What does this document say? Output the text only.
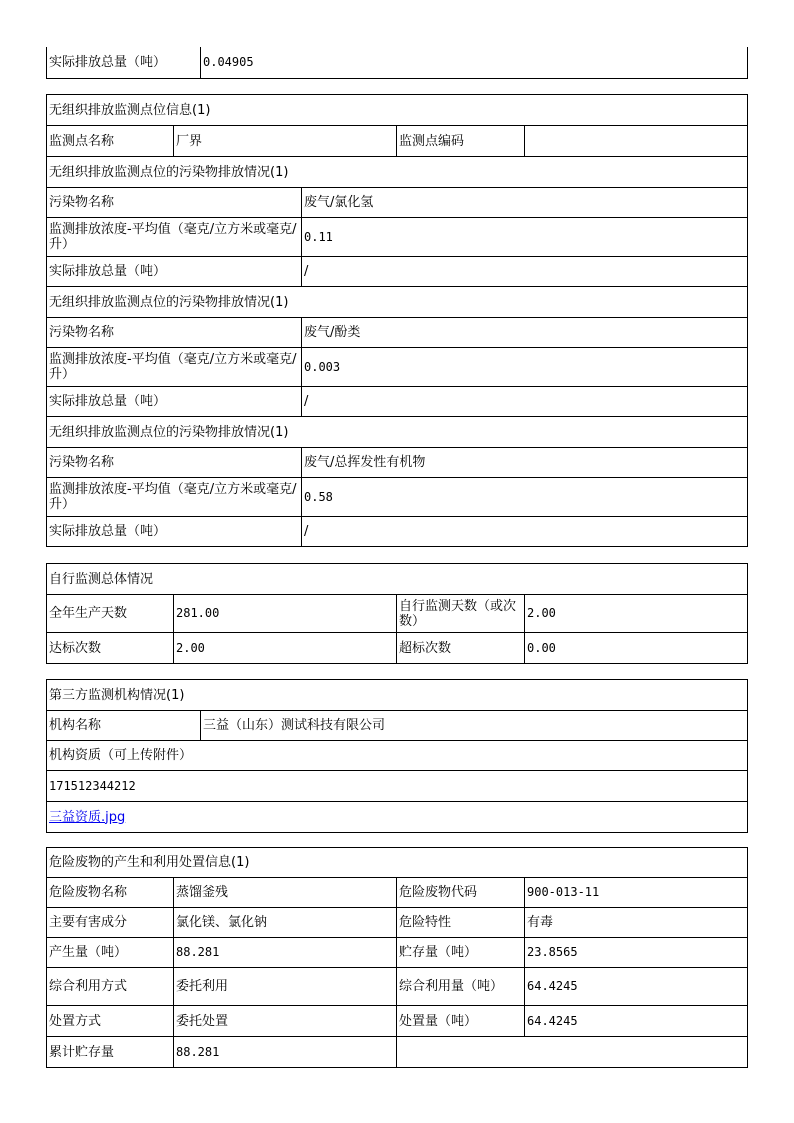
实际排放总量（吨）	0.04905
无组织排放监测点位信息(1)				
监测点名称	厂界		监测点编码	
无组织排放监测点位的污染物排放情况(1)				
污染物名称		废气/氯化氢		
监测排放浓度-平均值（毫克/立方米或毫克/升）		0.11		
实际排放总量（吨）		/		
无组织排放监测点位的污染物排放情况(1)				
污染物名称		废气/酚类		
监测排放浓度-平均值（毫克/立方米或毫克/升）		0.003		
实际排放总量（吨）		/		
无组织排放监测点位的污染物排放情况(1)				
污染物名称		废气/总挥发性有机物		
监测排放浓度-平均值（毫克/立方米或毫克/升）		0.58		
实际排放总量（吨）		/		
自行监测总体情况			
全年生产天数	281.00	自行监测天数（或次数）	2.00
达标次数	2.00	超标次数	0.00
第三方监测机构情况(1)
机构名称	三益（山东）测试科技有限公司
机构资质（可上传附件）
171512344212
三益资质.jpg
危险废物的产生和利用处置信息(1)			
危险废物名称	蒸馏釜残	危险废物代码	900-013-11
主要有害成分	氯化镁、氯化钠	危险特性	有毒
产生量（吨）	88.281	贮存量（吨）	23.8565
综合利用方式	委托利用	综合利用量（吨）	64.4245
处置方式	委托处置	处置量（吨）	64.4245
累计贮存量	88.281		
